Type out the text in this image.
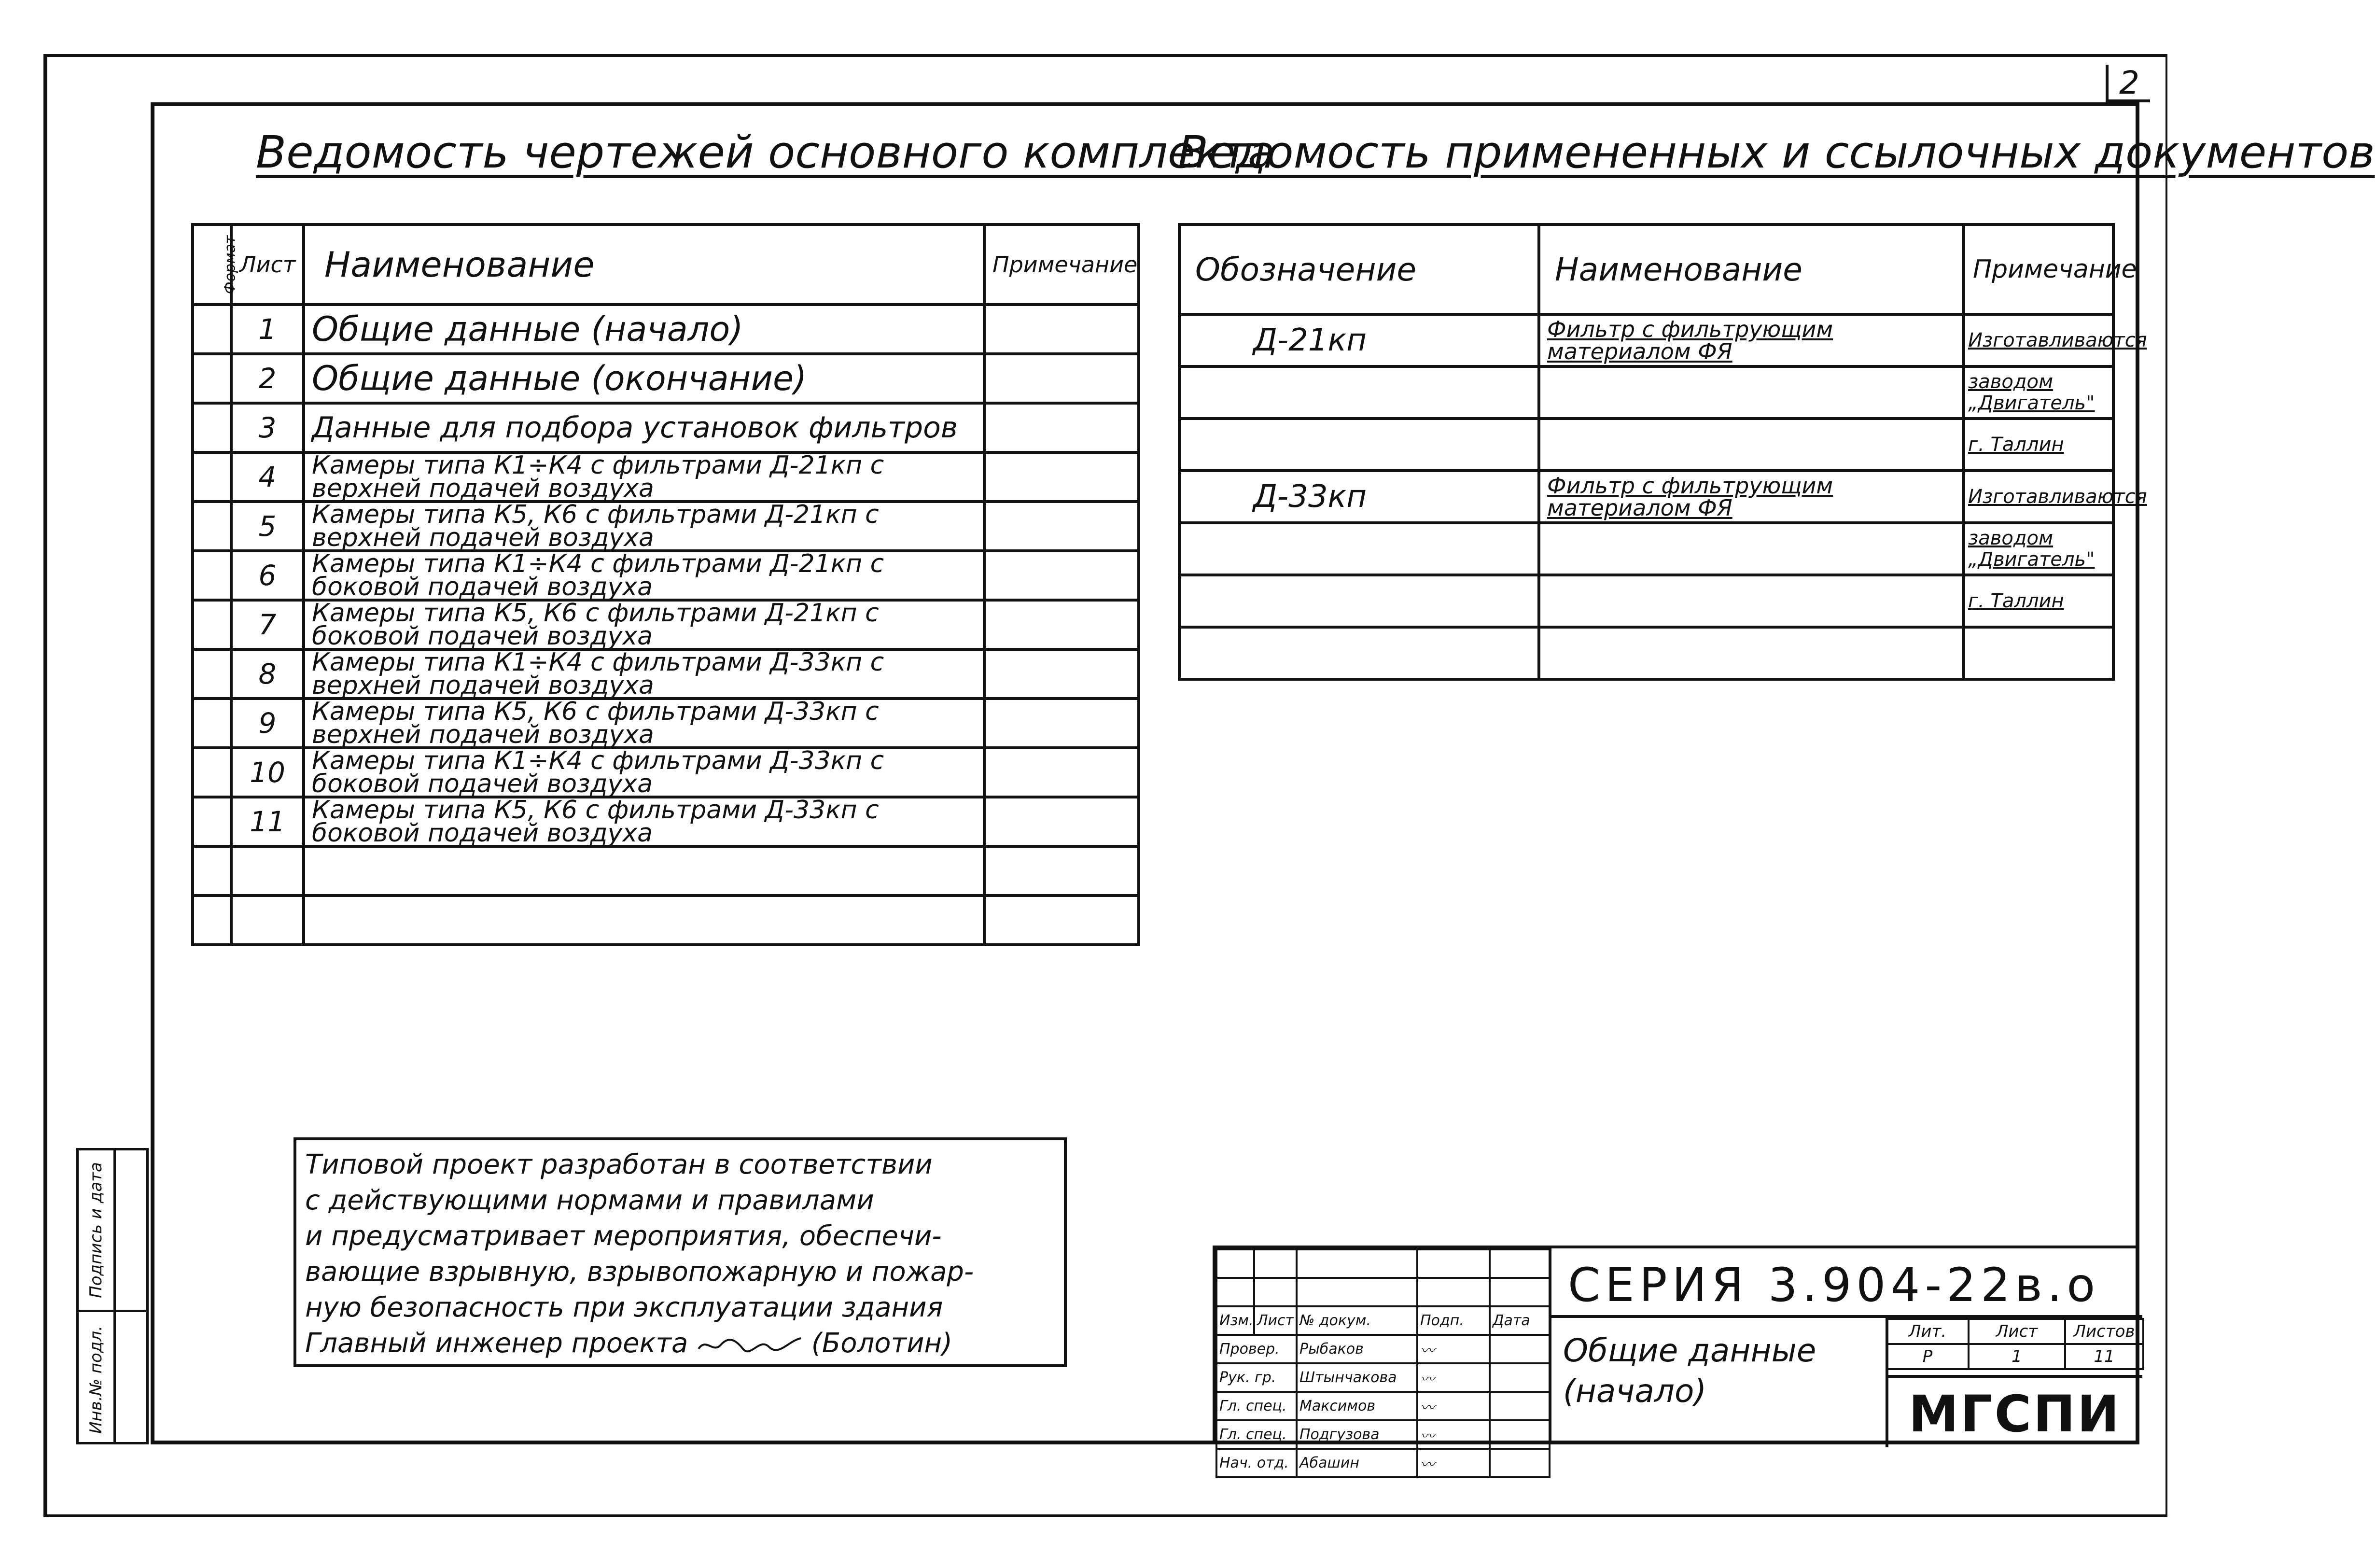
2
Ведомость чертежей основного комплекта
Ведомость примененных и ссылочных документов
Формат	Лист	Наименование	Примечание
	1	Общие данные (начало)	
	2	Общие данные (окончание)	
	3	Данные для подбора установок фильтров	
	4	Камеры типа К1÷К4 с фильтрами Д-21кп с верхней подачей воздуха	
	5	Камеры типа К5, К6 с фильтрами Д-21кп с верхней подачей воздуха	
	6	Камеры типа К1÷К4 с фильтрами Д-21кп с боковой подачей воздуха	
	7	Камеры типа К5, К6 с фильтрами Д-21кп с боковой подачей воздуха	
	8	Камеры типа К1÷К4 с фильтрами Д-33кп с верхней подачей воздуха	
	9	Камеры типа К5, К6 с фильтрами Д-33кп с верхней подачей воздуха	
	10	Камеры типа К1÷К4 с фильтрами Д-33кп с боковой подачей воздуха	
	11	Камеры типа К5, К6 с фильтрами Д-33кп с боковой подачей воздуха	

Обозначение	Наименование	Примечание
Д-21кп	Фильтр с фильтрующим материалом ФЯ	Изготавливаются
		заводом „Двигатель"
		г. Таллин
Д-33кп	Фильтр с фильтрующим материалом ФЯ	Изготавливаются
		заводом „Двигатель"
		г. Таллин

Типовой проект разработан в соответствии
с действующими нормами и правилами
и предусматривает мероприятия, обеспечи-
вающие взрывную, взрывопожарную и пожар-
ную безопасность при эксплуатации здания
Главный инженер проекта	(Болотин)
Подпись и дата
Инв.№ подл.

Изм.	Лист	№ докум.	Подп.	Дата
Провер.		Рыбаков	〰	
Рук. гр.		Штынчакова	〰	
Гл. спец.		Максимов	〰	
Гл. спец.		Подгузова	〰	
Нач. отд.		Абашин	〰	
СЕРИЯ 3.904-22в.о
Общие данные
(начало)
Лит.	Лист	Листов
Р	1	11
МГСПИ
